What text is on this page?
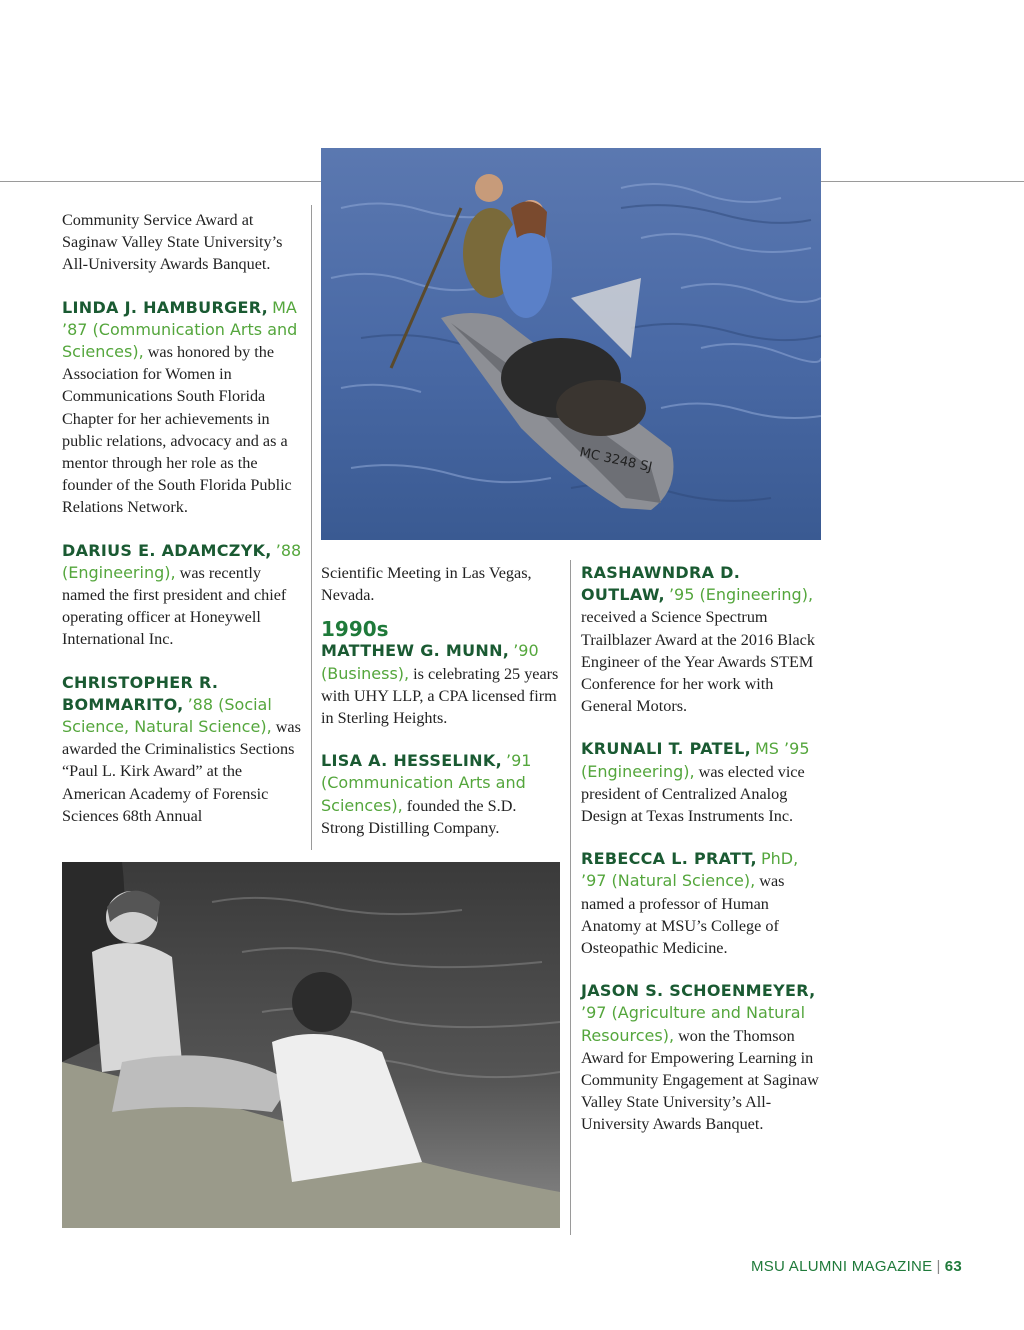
MC 3248 SJ

Community Service Award at Saginaw Valley State University’s All-University Awards Banquet.

LINDA J. HAMBURGER, MA ’87 (Communication Arts and Sciences), was honored by the Association for Women in Communications South Florida Chapter for her achievements in public relations, advocacy and as a mentor through her role as the founder of the South Florida Public Relations Network.

DARIUS E. ADAMCZYK, ’88 (Engineering), was recently named the first president and chief operating officer at Honeywell International Inc.

CHRISTOPHER R. BOMMARITO, ’88 (Social Science, Natural Science), was awarded the Criminalistics Sections “Paul L. Kirk Award” at the American Academy of Forensic Sciences 68th Annual

Scientific Meeting in Las Vegas, Nevada.

1990s

MATTHEW G. MUNN, ’90 (Business), is celebrating 25 years with UHY LLP, a CPA licensed firm in Sterling Heights.

LISA A. HESSELINK, ’91 (Communication Arts and Sciences), founded the S.D. Strong Distilling Company.

RASHAWNDRA D. OUTLAW, ’95 (Engineering), received a Science Spectrum Trailblazer Award at the 2016 Black Engineer of the Year Awards STEM Conference for her work with General Motors.

KRUNALI T. PATEL, MS ’95 (Engineering), was elected vice president of Centralized Analog Design at Texas Instruments Inc.

REBECCA L. PRATT, PhD, ’97 (Natural Science), was named a professor of Human Anatomy at MSU’s College of Osteopathic Medicine.

JASON S. SCHOENMEYER, ’97 (Agriculture and Natural Resources), won the Thomson Award for Empowering Learning in Community Engagement at Saginaw Valley State University’s All-University Awards Banquet.

MSU ALUMNI MAGAZINE | 63
